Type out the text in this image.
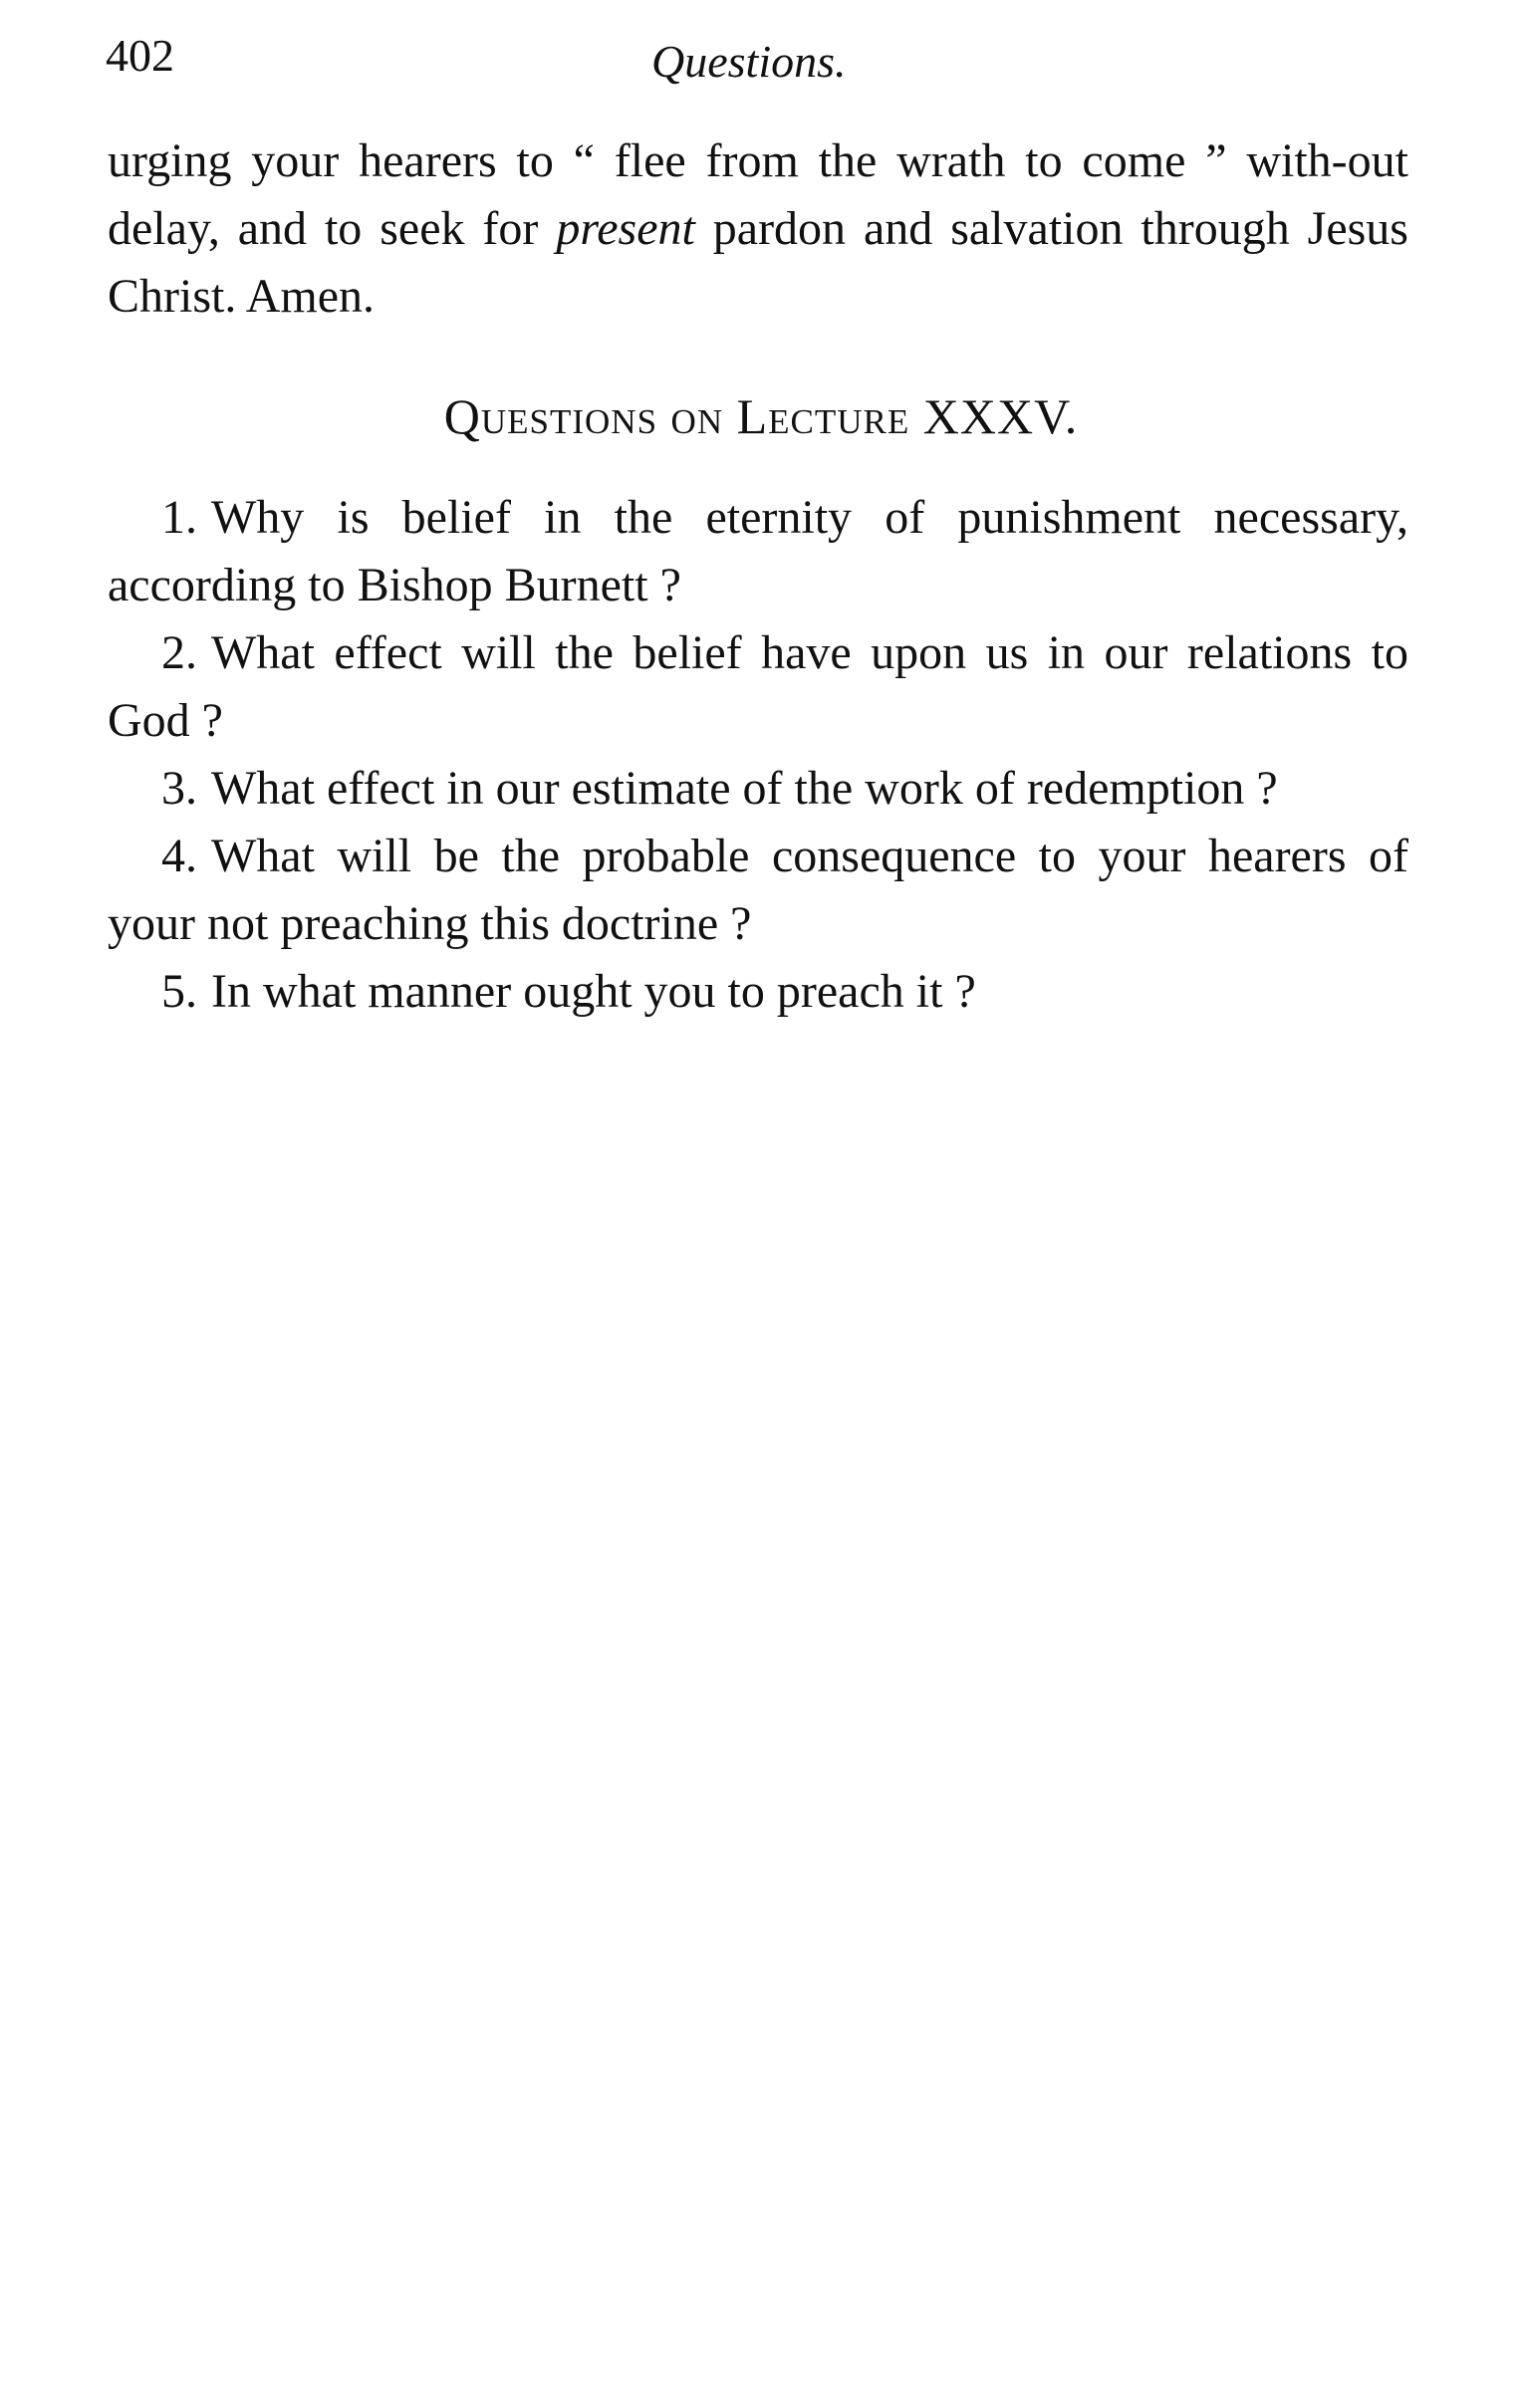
402	Questions.

urging your hearers to “ flee from the wrath to come ” with-out delay, and to seek for present pardon and salvation through Jesus Christ. Amen.

Questions on Lecture XXXV.

1. Why is belief in the eternity of punishment necessary, according to Bishop Burnett ?

2. What effect will the belief have upon us in our relations to God ?

3. What effect in our estimate of the work of redemption ?

4. What will be the probable consequence to your hearers of your not preaching this doctrine ?

5. In what manner ought you to preach it ?
